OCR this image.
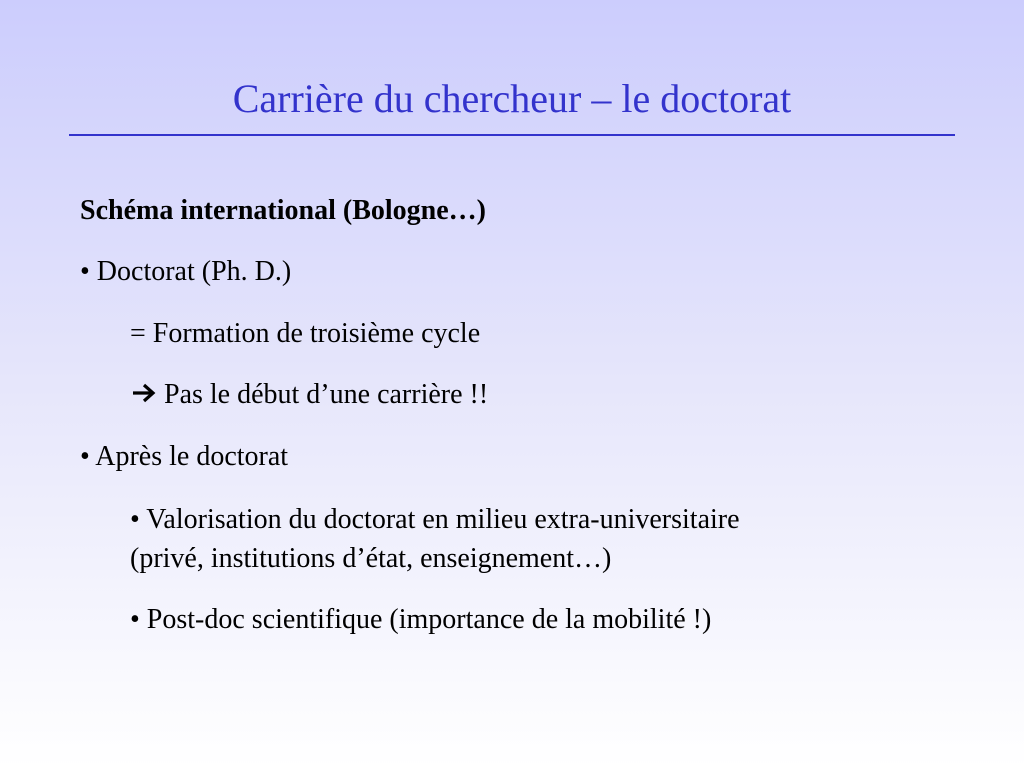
Carrière du chercheur – le doctorat
Schéma international (Bologne…)
• Doctorat (Ph. D.)
= Formation de troisième cycle
Pas le début d’une carrière !!
• Après le doctorat
• Valorisation du doctorat en milieu extra-universitaire
(privé, institutions d’état, enseignement…)
• Post-doc scientifique (importance de la mobilité !)
